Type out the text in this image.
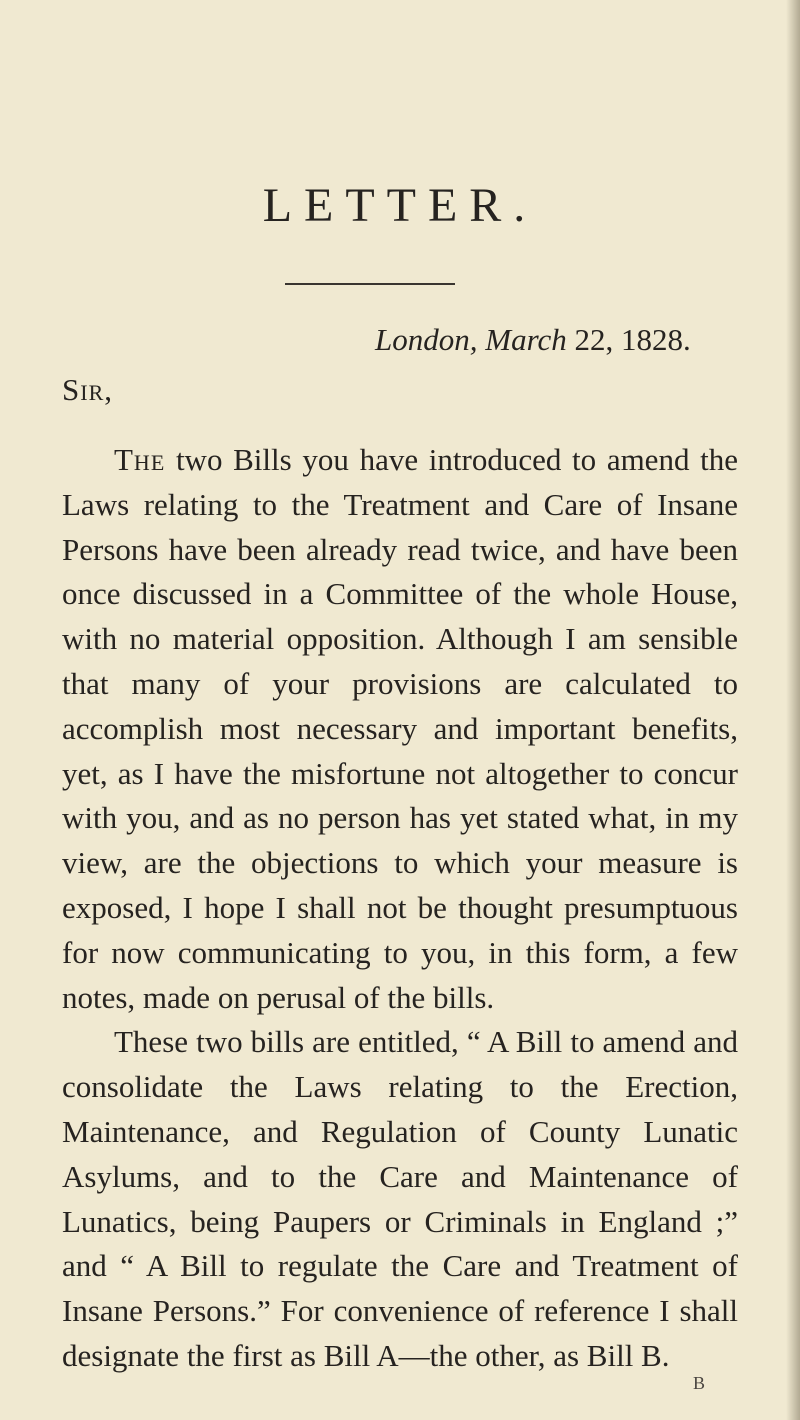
LETTER.
London, March 22, 1828.
Sir,

The two Bills you have introduced to amend the Laws relating to the Treatment and Care of Insane Persons have been already read twice, and have been once discussed in a Committee of the whole House, with no material opposition. Although I am sensible that many of your provisions are calculated to accomplish most necessary and important benefits, yet, as I have the misfortune not altogether to concur with you, and as no person has yet stated what, in my view, are the objections to which your measure is exposed, I hope I shall not be thought presumptuous for now communicating to you, in this form, a few notes, made on perusal of the bills.

These two bills are entitled, “ A Bill to amend and consolidate the Laws relating to the Erection, Maintenance, and Regulation of County Lunatic Asylums, and to the Care and Maintenance of Lunatics, being Paupers or Criminals in England ;” and “ A Bill to regulate the Care and Treatment of Insane Persons.” For convenience of reference I shall designate the first as Bill A—the other, as Bill B.

B
